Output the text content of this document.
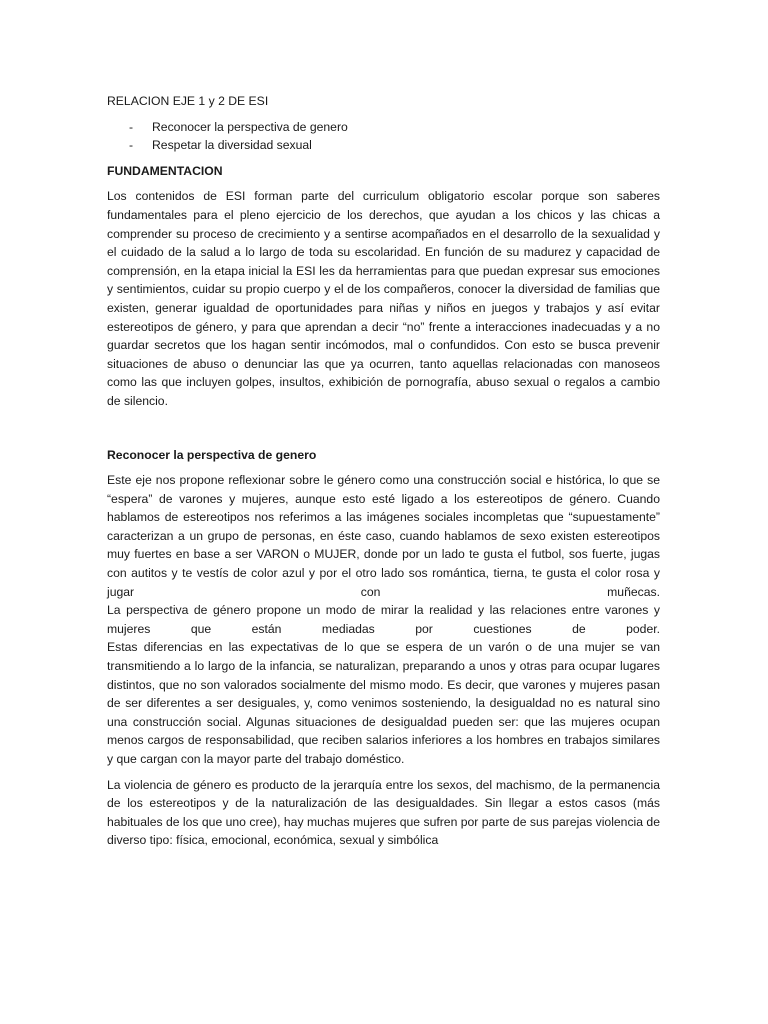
RELACION EJE 1 y 2 DE ESI

- Reconocer la perspectiva de genero
- Respetar la diversidad sexual

FUNDAMENTACION

Los contenidos de ESI forman parte del curriculum obligatorio escolar porque son saberes fundamentales para el pleno ejercicio de los derechos, que ayudan a los chicos y las chicas a comprender su proceso de crecimiento y a sentirse acompañados en el desarrollo de la sexualidad y el cuidado de la salud a lo largo de toda su escolaridad. En función de su madurez y capacidad de comprensión, en la etapa inicial la ESI les da herramientas para que puedan expresar sus emociones y sentimientos, cuidar su propio cuerpo y el de los compañeros, conocer la diversidad de familias que existen, generar igualdad de oportunidades para niñas y niños en juegos y trabajos y así evitar estereotipos de género, y para que aprendan a decir “no” frente a interacciones inadecuadas y a no guardar secretos que los hagan sentir incómodos, mal o confundidos. Con esto se busca prevenir situaciones de abuso o denunciar las que ya ocurren, tanto aquellas relacionadas con manoseos como las que incluyen golpes, insultos, exhibición de pornografía, abuso sexual o regalos a cambio de silencio.

Reconocer la perspectiva de genero

Este eje nos propone reflexionar sobre le género como una construcción social e histórica, lo que se “espera” de varones y mujeres, aunque esto esté ligado a los estereotipos de género. Cuando hablamos de estereotipos nos referimos a las imágenes sociales incompletas que “supuestamente” caracterizan a un grupo de personas, en éste caso, cuando hablamos de sexo existen estereotipos muy fuertes en base a ser VARON o MUJER, donde por un lado te gusta el futbol, sos fuerte, jugas con autitos y te vestís de color azul y por el otro lado sos romántica, tierna, te gusta el color rosa y jugar con muñecas.
La perspectiva de género propone un modo de mirar la realidad y las relaciones entre varones y mujeres que están mediadas por cuestiones de poder.
Estas diferencias en las expectativas de lo que se espera de un varón o de una mujer se van transmitiendo a lo largo de la infancia, se naturalizan, preparando a unos y otras para ocupar lugares distintos, que no son valorados socialmente del mismo modo. Es decir, que varones y mujeres pasan de ser diferentes a ser desiguales, y, como venimos sosteniendo, la desigualdad no es natural sino una construcción social. Algunas situaciones de desigualdad pueden ser: que las mujeres ocupan menos cargos de responsabilidad, que reciben salarios inferiores a los hombres en trabajos similares y que cargan con la mayor parte del trabajo doméstico.

La violencia de género es producto de la jerarquía entre los sexos, del machismo, de la permanencia de los estereotipos y de la naturalización de las desigualdades. Sin llegar a estos casos (más habituales de los que uno cree), hay muchas mujeres que sufren por parte de sus parejas violencia de diverso tipo: física, emocional, económica, sexual y simbólica
